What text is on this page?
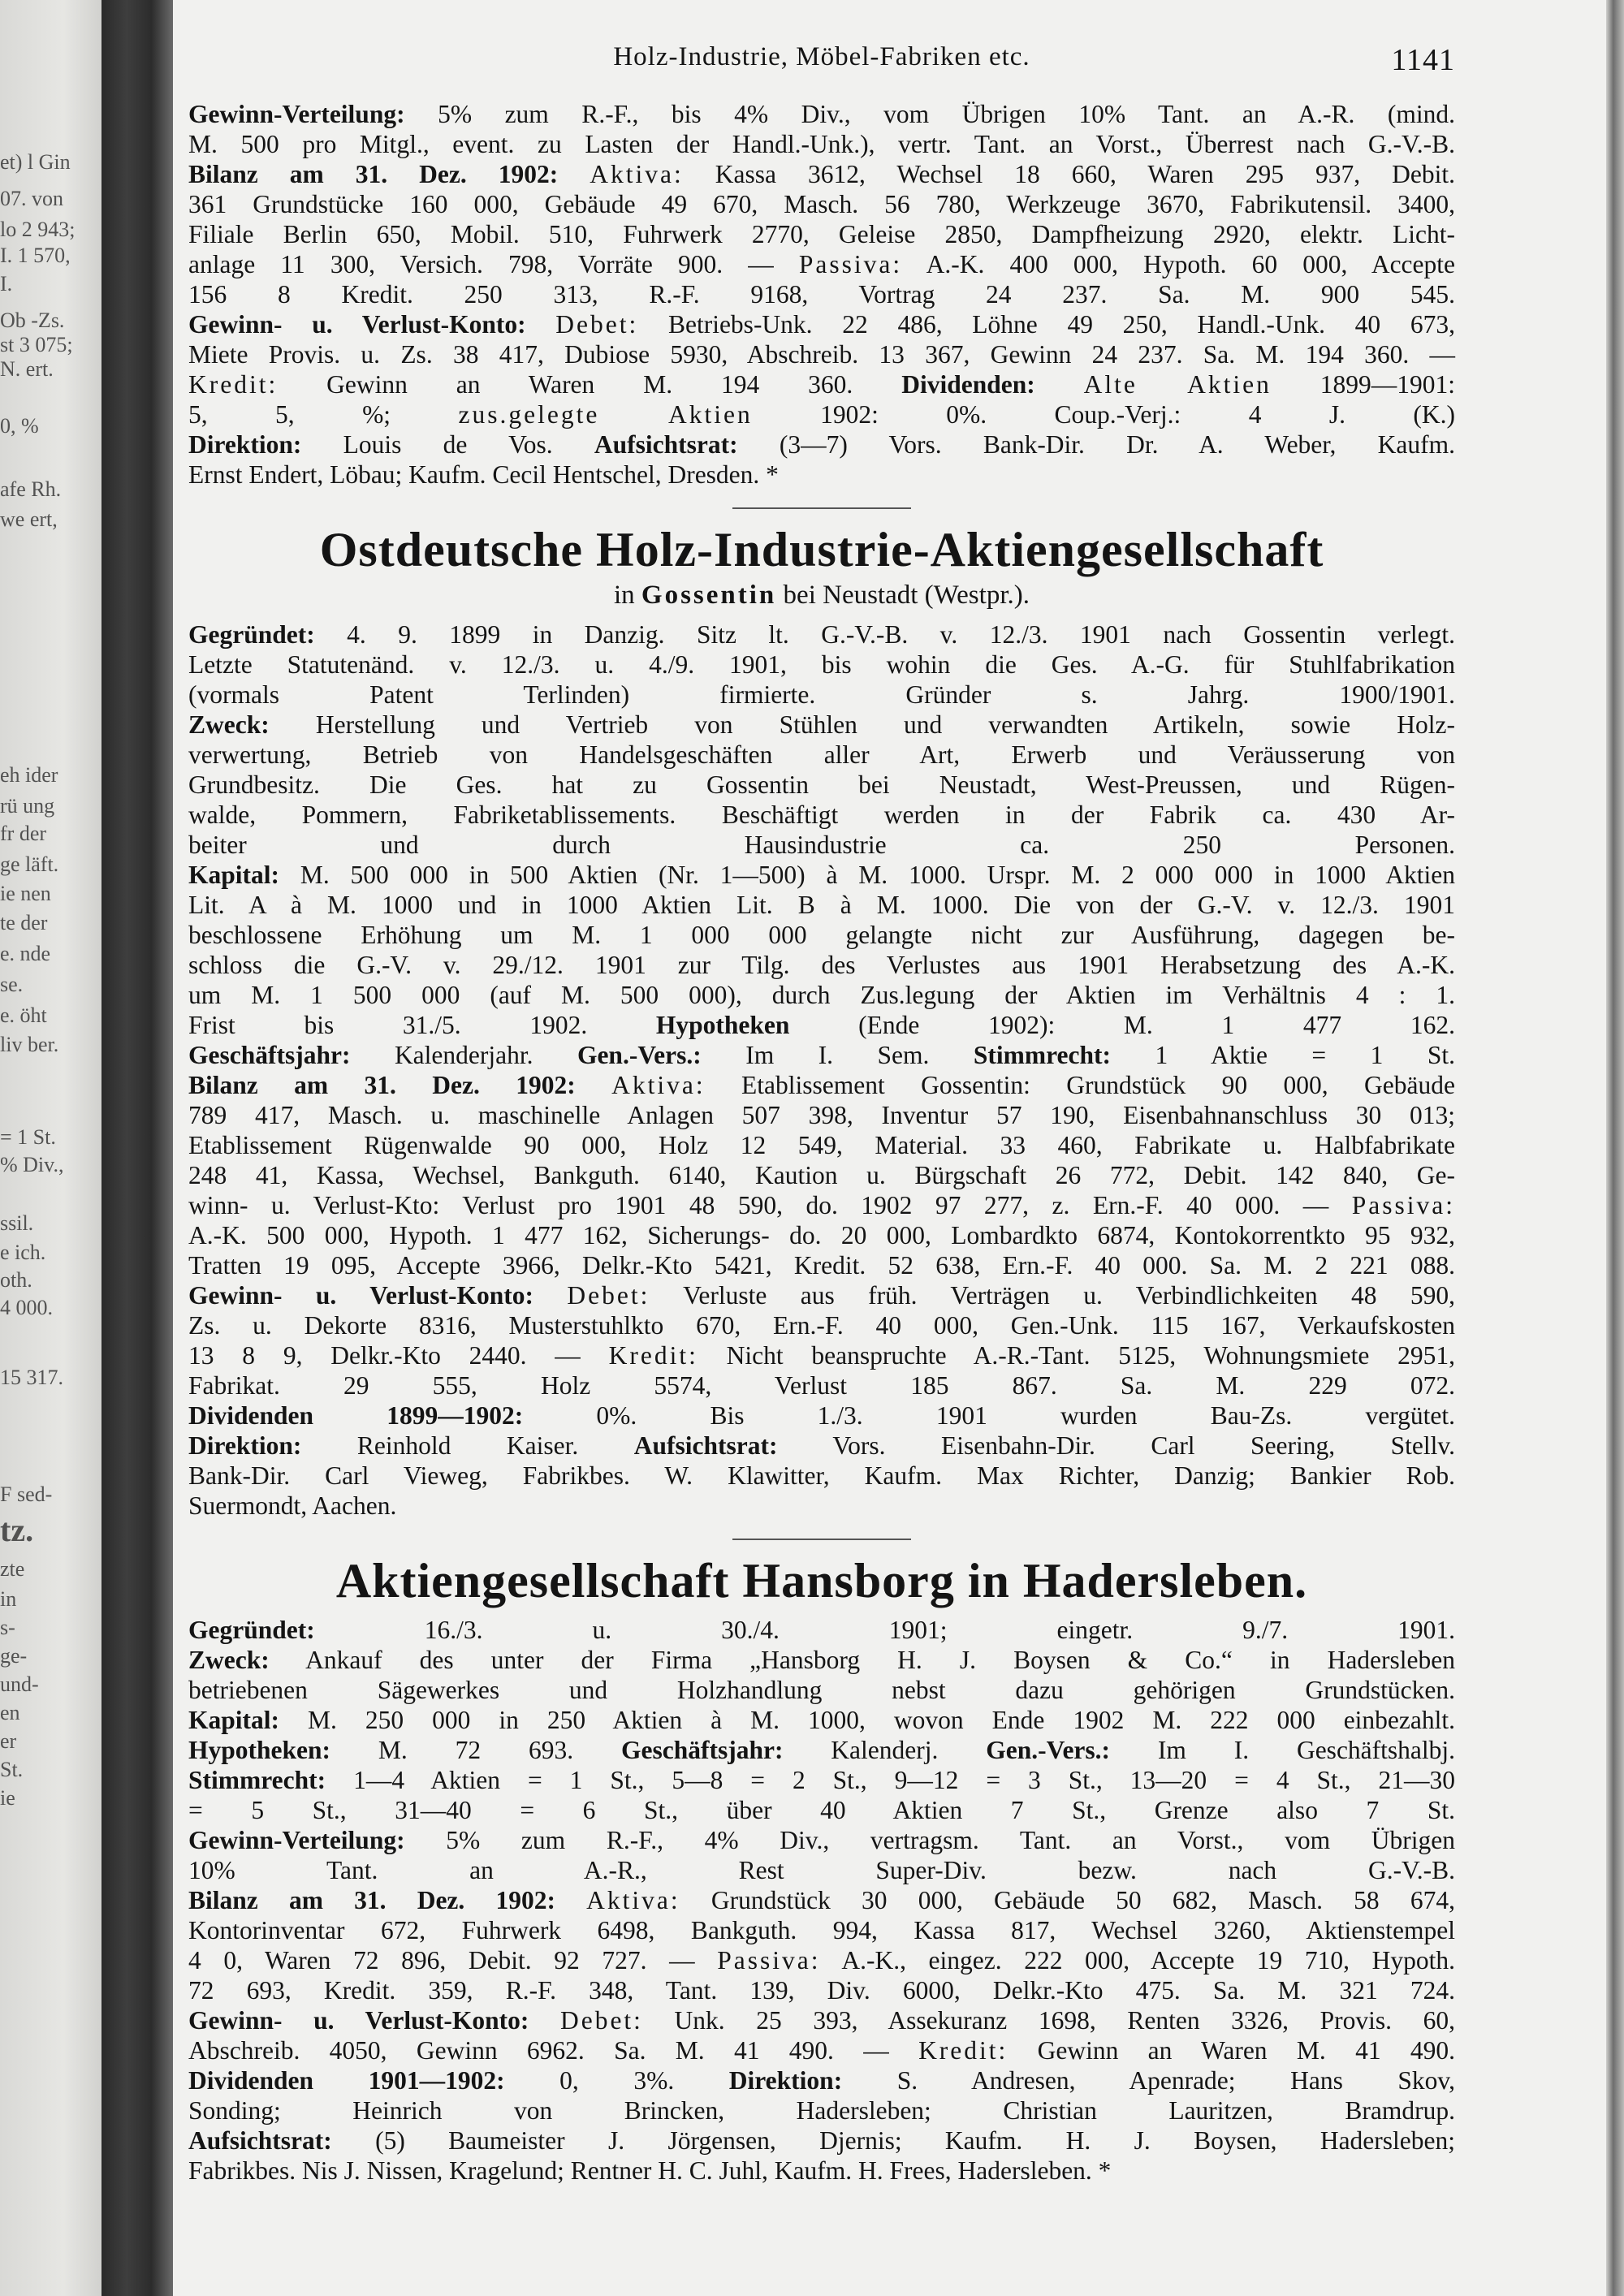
et) l Gin
07. von
lo 2 943;
I. 1 570,
I.
Ob -Zs.
st 3 075;
N. ert.
0, %
afe Rh.
we ert,
eh ider
rü ung
fr der
ge läft.
ie nen
te der
e. nde
se.
e. öht
liv ber.
= 1 St.
% Div.,
ssil.
e ich.
oth.
4 000.
15 317.
F sed-
tz.
zte
in
s-
ge-
und-
en
er
St.
ie
Holz-Industrie, Möbel-Fabriken etc.	1141
Gewinn-Verteilung: 5% zum R.-F., bis 4% Div., vom Übrigen 10% Tant. an A.-R. (mind.
M. 500 pro Mitgl., event. zu Lasten der Handl.-Unk.), vertr. Tant. an Vorst., Überrest nach G.-V.-B.
Bilanz am 31. Dez. 1902: Aktiva: Kassa 3612, Wechsel 18 660, Waren 295 937, Debit.
361 Grundstücke 160 000, Gebäude 49 670, Masch. 56 780, Werkzeuge 3670, Fabrikutensil. 3400,
Filiale Berlin 650, Mobil. 510, Fuhrwerk 2770, Geleise 2850, Dampfheizung 2920, elektr. Licht-
anlage 11 300, Versich. 798, Vorräte 900. — Passiva: A.-K. 400 000, Hypoth. 60 000, Accepte
156 8 Kredit. 250 313, R.-F. 9168, Vortrag 24 237. Sa. M. 900 545.
Gewinn- u. Verlust-Konto: Debet: Betriebs-Unk. 22 486, Löhne 49 250, Handl.-Unk. 40 673,
Miete Provis. u. Zs. 38 417, Dubiose 5930, Abschreib. 13 367, Gewinn 24 237. Sa. M. 194 360. —
Kredit: Gewinn an Waren M. 194 360. Dividenden: Alte Aktien 1899—1901:
5, 5, %; zus.gelegte Aktien 1902: 0%. Coup.-Verj.: 4 J. (K.)
Direktion: Louis de Vos. Aufsichtsrat: (3—7) Vors. Bank-Dir. Dr. A. Weber, Kaufm.
Ernst Endert, Löbau; Kaufm. Cecil Hentschel, Dresden. *
Ostdeutsche Holz-Industrie-Aktiengesellschaft
in Gossentin bei Neustadt (Westpr.).
Gegründet: 4. 9. 1899 in Danzig. Sitz lt. G.-V.-B. v. 12./3. 1901 nach Gossentin verlegt.
Letzte Statutenänd. v. 12./3. u. 4./9. 1901, bis wohin die Ges. A.-G. für Stuhlfabrikation
(vormals Patent Terlinden) firmierte. Gründer s. Jahrg. 1900/1901.
Zweck: Herstellung und Vertrieb von Stühlen und verwandten Artikeln, sowie Holz-
verwertung, Betrieb von Handelsgeschäften aller Art, Erwerb und Veräusserung von
Grundbesitz. Die Ges. hat zu Gossentin bei Neustadt, West-Preussen, und Rügen-
walde, Pommern, Fabriketablissements. Beschäftigt werden in der Fabrik ca. 430 Ar-
beiter und durch Hausindustrie ca. 250 Personen.
Kapital: M. 500 000 in 500 Aktien (Nr. 1—500) à M. 1000. Urspr. M. 2 000 000 in 1000 Aktien
Lit. A à M. 1000 und in 1000 Aktien Lit. B à M. 1000. Die von der G.-V. v. 12./3. 1901
beschlossene Erhöhung um M. 1 000 000 gelangte nicht zur Ausführung, dagegen be-
schloss die G.-V. v. 29./12. 1901 zur Tilg. des Verlustes aus 1901 Herabsetzung des A.-K.
um M. 1 500 000 (auf M. 500 000), durch Zus.legung der Aktien im Verhältnis 4 : 1.
Frist bis 31./5. 1902. Hypotheken (Ende 1902): M. 1 477 162.
Geschäftsjahr: Kalenderjahr. Gen.-Vers.: Im I. Sem. Stimmrecht: 1 Aktie = 1 St.
Bilanz am 31. Dez. 1902: Aktiva: Etablissement Gossentin: Grundstück 90 000, Gebäude
789 417, Masch. u. maschinelle Anlagen 507 398, Inventur 57 190, Eisenbahnanschluss 30 013;
Etablissement Rügenwalde 90 000, Holz 12 549, Material. 33 460, Fabrikate u. Halbfabrikate
248 41, Kassa, Wechsel, Bankguth. 6140, Kaution u. Bürgschaft 26 772, Debit. 142 840, Ge-
winn- u. Verlust-Kto: Verlust pro 1901 48 590, do. 1902 97 277, z. Ern.-F. 40 000. — Passiva:
A.-K. 500 000, Hypoth. 1 477 162, Sicherungs- do. 20 000, Lombardkto 6874, Kontokorrentkto 95 932,
Tratten 19 095, Accepte 3966, Delkr.-Kto 5421, Kredit. 52 638, Ern.-F. 40 000. Sa. M. 2 221 088.
Gewinn- u. Verlust-Konto: Debet: Verluste aus früh. Verträgen u. Verbindlichkeiten 48 590,
Zs. u. Dekorte 8316, Musterstuhlkto 670, Ern.-F. 40 000, Gen.-Unk. 115 167, Verkaufskosten
13 8 9, Delkr.-Kto 2440. — Kredit: Nicht beanspruchte A.-R.-Tant. 5125, Wohnungsmiete 2951,
Fabrikat. 29 555, Holz 5574, Verlust 185 867. Sa. M. 229 072.
Dividenden 1899—1902: 0%. Bis 1./3. 1901 wurden Bau-Zs. vergütet.
Direktion: Reinhold Kaiser. Aufsichtsrat: Vors. Eisenbahn-Dir. Carl Seering, Stellv.
Bank-Dir. Carl Vieweg, Fabrikbes. W. Klawitter, Kaufm. Max Richter, Danzig; Bankier Rob.
Suermondt, Aachen.
Aktiengesellschaft Hansborg in Hadersleben.
Gegründet: 16./3. u. 30./4. 1901; eingetr. 9./7. 1901.
Zweck: Ankauf des unter der Firma „Hansborg H. J. Boysen & Co.“ in Hadersleben
betriebenen Sägewerkes und Holzhandlung nebst dazu gehörigen Grundstücken.
Kapital: M. 250 000 in 250 Aktien à M. 1000, wovon Ende 1902 M. 222 000 einbezahlt.
Hypotheken: M. 72 693. Geschäftsjahr: Kalenderj. Gen.-Vers.: Im I. Geschäftshalbj.
Stimmrecht: 1—4 Aktien = 1 St., 5—8 = 2 St., 9—12 = 3 St., 13—20 = 4 St., 21—30
= 5 St., 31—40 = 6 St., über 40 Aktien 7 St., Grenze also 7 St.
Gewinn-Verteilung: 5% zum R.-F., 4% Div., vertragsm. Tant. an Vorst., vom Übrigen
10% Tant. an A.-R., Rest Super-Div. bezw. nach G.-V.-B.
Bilanz am 31. Dez. 1902: Aktiva: Grundstück 30 000, Gebäude 50 682, Masch. 58 674,
Kontorinventar 672, Fuhrwerk 6498, Bankguth. 994, Kassa 817, Wechsel 3260, Aktienstempel
4 0, Waren 72 896, Debit. 92 727. — Passiva: A.-K., eingez. 222 000, Accepte 19 710, Hypoth.
72 693, Kredit. 359, R.-F. 348, Tant. 139, Div. 6000, Delkr.-Kto 475. Sa. M. 321 724.
Gewinn- u. Verlust-Konto: Debet: Unk. 25 393, Assekuranz 1698, Renten 3326, Provis. 60,
Abschreib. 4050, Gewinn 6962. Sa. M. 41 490. — Kredit: Gewinn an Waren M. 41 490.
Dividenden 1901—1902: 0, 3%. Direktion: S. Andresen, Apenrade; Hans Skov,
Sonding; Heinrich von Brincken, Hadersleben; Christian Lauritzen, Bramdrup.
Aufsichtsrat: (5) Baumeister J. Jörgensen, Djernis; Kaufm. H. J. Boysen, Hadersleben;
Fabrikbes. Nis J. Nissen, Kragelund; Rentner H. C. Juhl, Kaufm. H. Frees, Hadersleben. *
